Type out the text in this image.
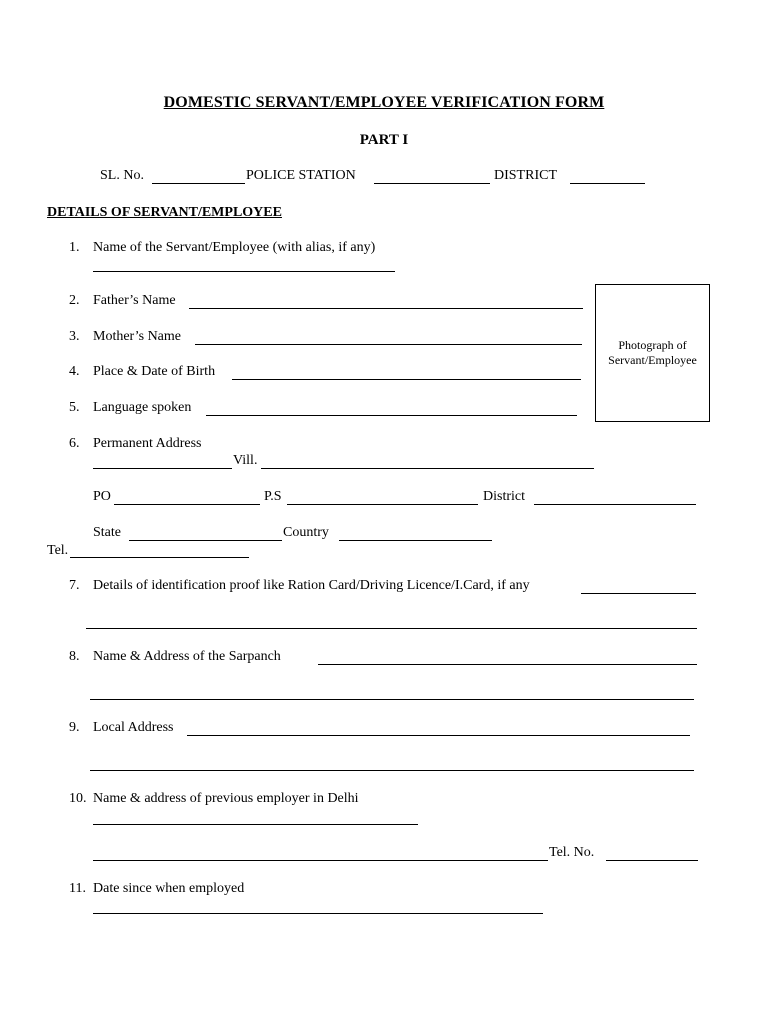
DOMESTIC SERVANT/EMPLOYEE VERIFICATION FORM
PART I
SL. No.	POLICE STATION	DISTRICT
DETAILS OF SERVANT/EMPLOYEE
1. Name of the Servant/Employee (with alias, if any)
Photograph of Servant/Employee
2. Father’s Name
3. Mother’s Name
4. Place & Date of Birth
5. Language spoken
6. Permanent Address
Vill.
PO	P.S	District
State	Country
Tel.
7. Details of identification proof like Ration Card/Driving Licence/I.Card, if any
8. Name & Address of the Sarpanch
9. Local Address
10. Name & address of previous employer in Delhi
Tel. No.
11. Date since when employed
